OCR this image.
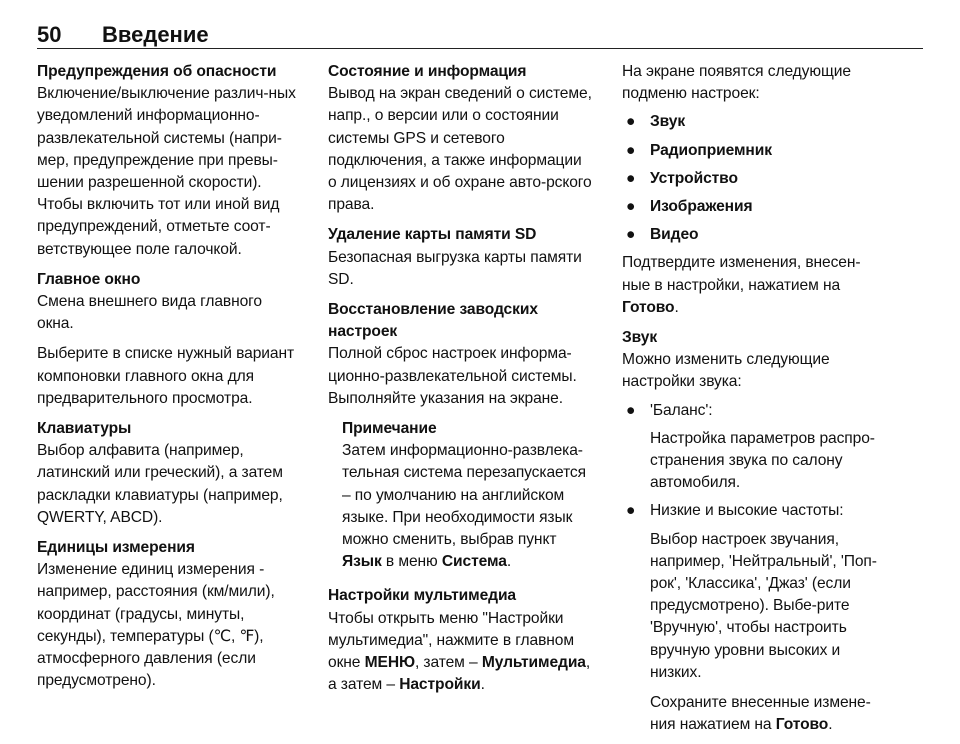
50 Введение
Предупреждения об опасности
Включение/выключение различ-ных уведомлений информационно-развлекательной системы (напри-мер, предупреждение при превы-шении разрешенной скорости). Чтобы включить тот или иной вид предупреждений, отметьте соот-ветствующее поле галочкой.
Главное окно
Смена внешнего вида главного окна.
Выберите в списке нужный вариант компоновки главного окна для предварительного просмотра.
Клавиатуры
Выбор алфавита (например, латинский или греческий), а затем раскладки клавиатуры (например, QWERTY, ABCD).
Единицы измерения
Изменение единиц измерения - например, расстояния (км/мили), координат (градусы, минуты, секунды), температуры (℃, ℉), атмосферного давления (если предусмотрено).
Состояние и информация
Вывод на экран сведений о системе, напр., о версии или о состоянии системы GPS и сетевого подключения, а также информации о лицензиях и об охране авто-рского права.
Удаление карты памяти SD
Безопасная выгрузка карты памяти SD.
Восстановление заводских настроек
Полной сброс настроек информа-ционно-развлекательной системы. Выполняйте указания на экране.
Примечание
Затем информационно-развлека-тельная система перезапускается – по умолчанию на английском языке. При необходимости язык можно сменить, выбрав пункт Язык в меню Система.
Настройки мультимедиа
Чтобы открыть меню "Настройки мультимедиа", нажмите в главном окне МЕНЮ, затем – Мультимедиа, а затем – Настройки.
На экране появятся следующие подменю настроек:
● Звук
● Радиоприемник
● Устройство
● Изображения
● Видео
Подтвердите изменения, внесен-ные в настройки, нажатием на Готово.
Звук
Можно изменить следующие настройки звука:
● 'Баланс':
Настройка параметров распро-странения звука по салону автомобиля.
● Низкие и высокие частоты:
Выбор настроек звучания, например, 'Нейтральный', 'Поп-рок', 'Классика', 'Джаз' (если предусмотрено). Выбе-рите 'Вручную', чтобы настроить вручную уровни высоких и низких.
Сохраните внесенные измене-ния нажатием на Готово.
